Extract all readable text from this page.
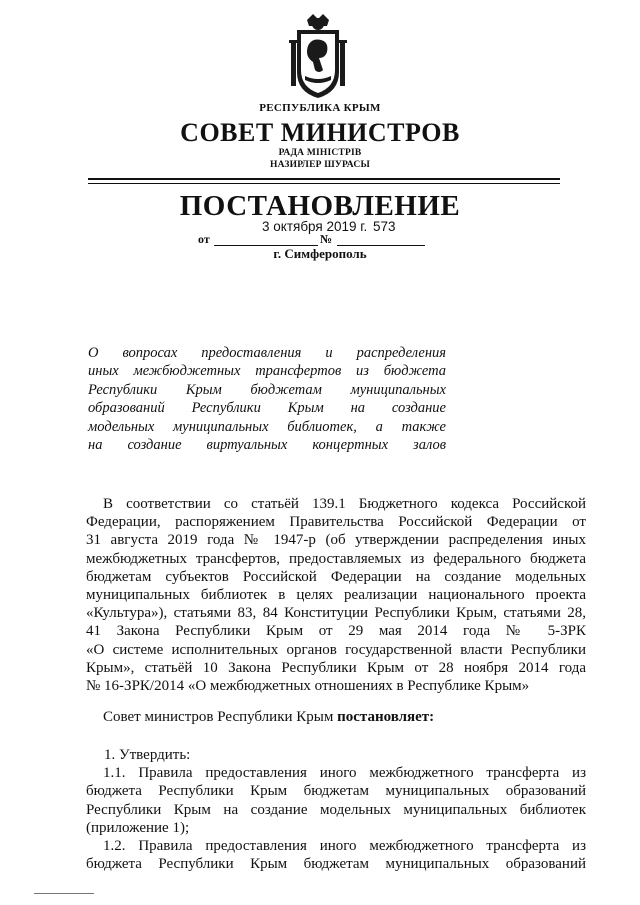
РЕСПУБЛИКА КРЫМ
СОВЕТ МИНИСТРОВ
РАДА МІНІСТРІВ
НАЗИРЛЕР ШУРАСЫ
ПОСТАНОВЛЕНИЕ
3 октября 2019 г. 573
от	№
г. Симферополь
О вопросах предоставления и распределения
иных межбюджетных трансфертов из бюджета
Республики Крым бюджетам муниципальных
образований Республики Крым на создание
модельных муниципальных библиотек, а также
на создание виртуальных концертных залов
В соответствии со статьёй 139.1 Бюджетного кодекса Российской
Федерации, распоряжением Правительства Российской Федерации от
31 августа 2019 года № 1947-р (об утверждении распределения иных
межбюджетных трансфертов, предоставляемых из федерального бюджета
бюджетам субъектов Российской Федерации на создание модельных
муниципальных библиотек в целях реализации национального проекта
«Культура»), статьями 83, 84 Конституции Республики Крым, статьями 28,
41 Закона Республики Крым от 29 мая 2014 года № 5-ЗРК
«О системе исполнительных органов государственной власти Республики
Крым», статьёй 10 Закона Республики Крым от 28 ноября 2014 года
№ 16-ЗРК/2014 «О межбюджетных отношениях в Республике Крым»
Совет министров Республики Крым постановляет:
1. Утвердить:
1.1. Правила предоставления иного межбюджетного трансферта из
бюджета Республики Крым бюджетам муниципальных образований
Республики Крым на создание модельных муниципальных библиотек
(приложение 1);
1.2. Правила предоставления иного межбюджетного трансферта из
бюджета Республики Крым бюджетам муниципальных образований
